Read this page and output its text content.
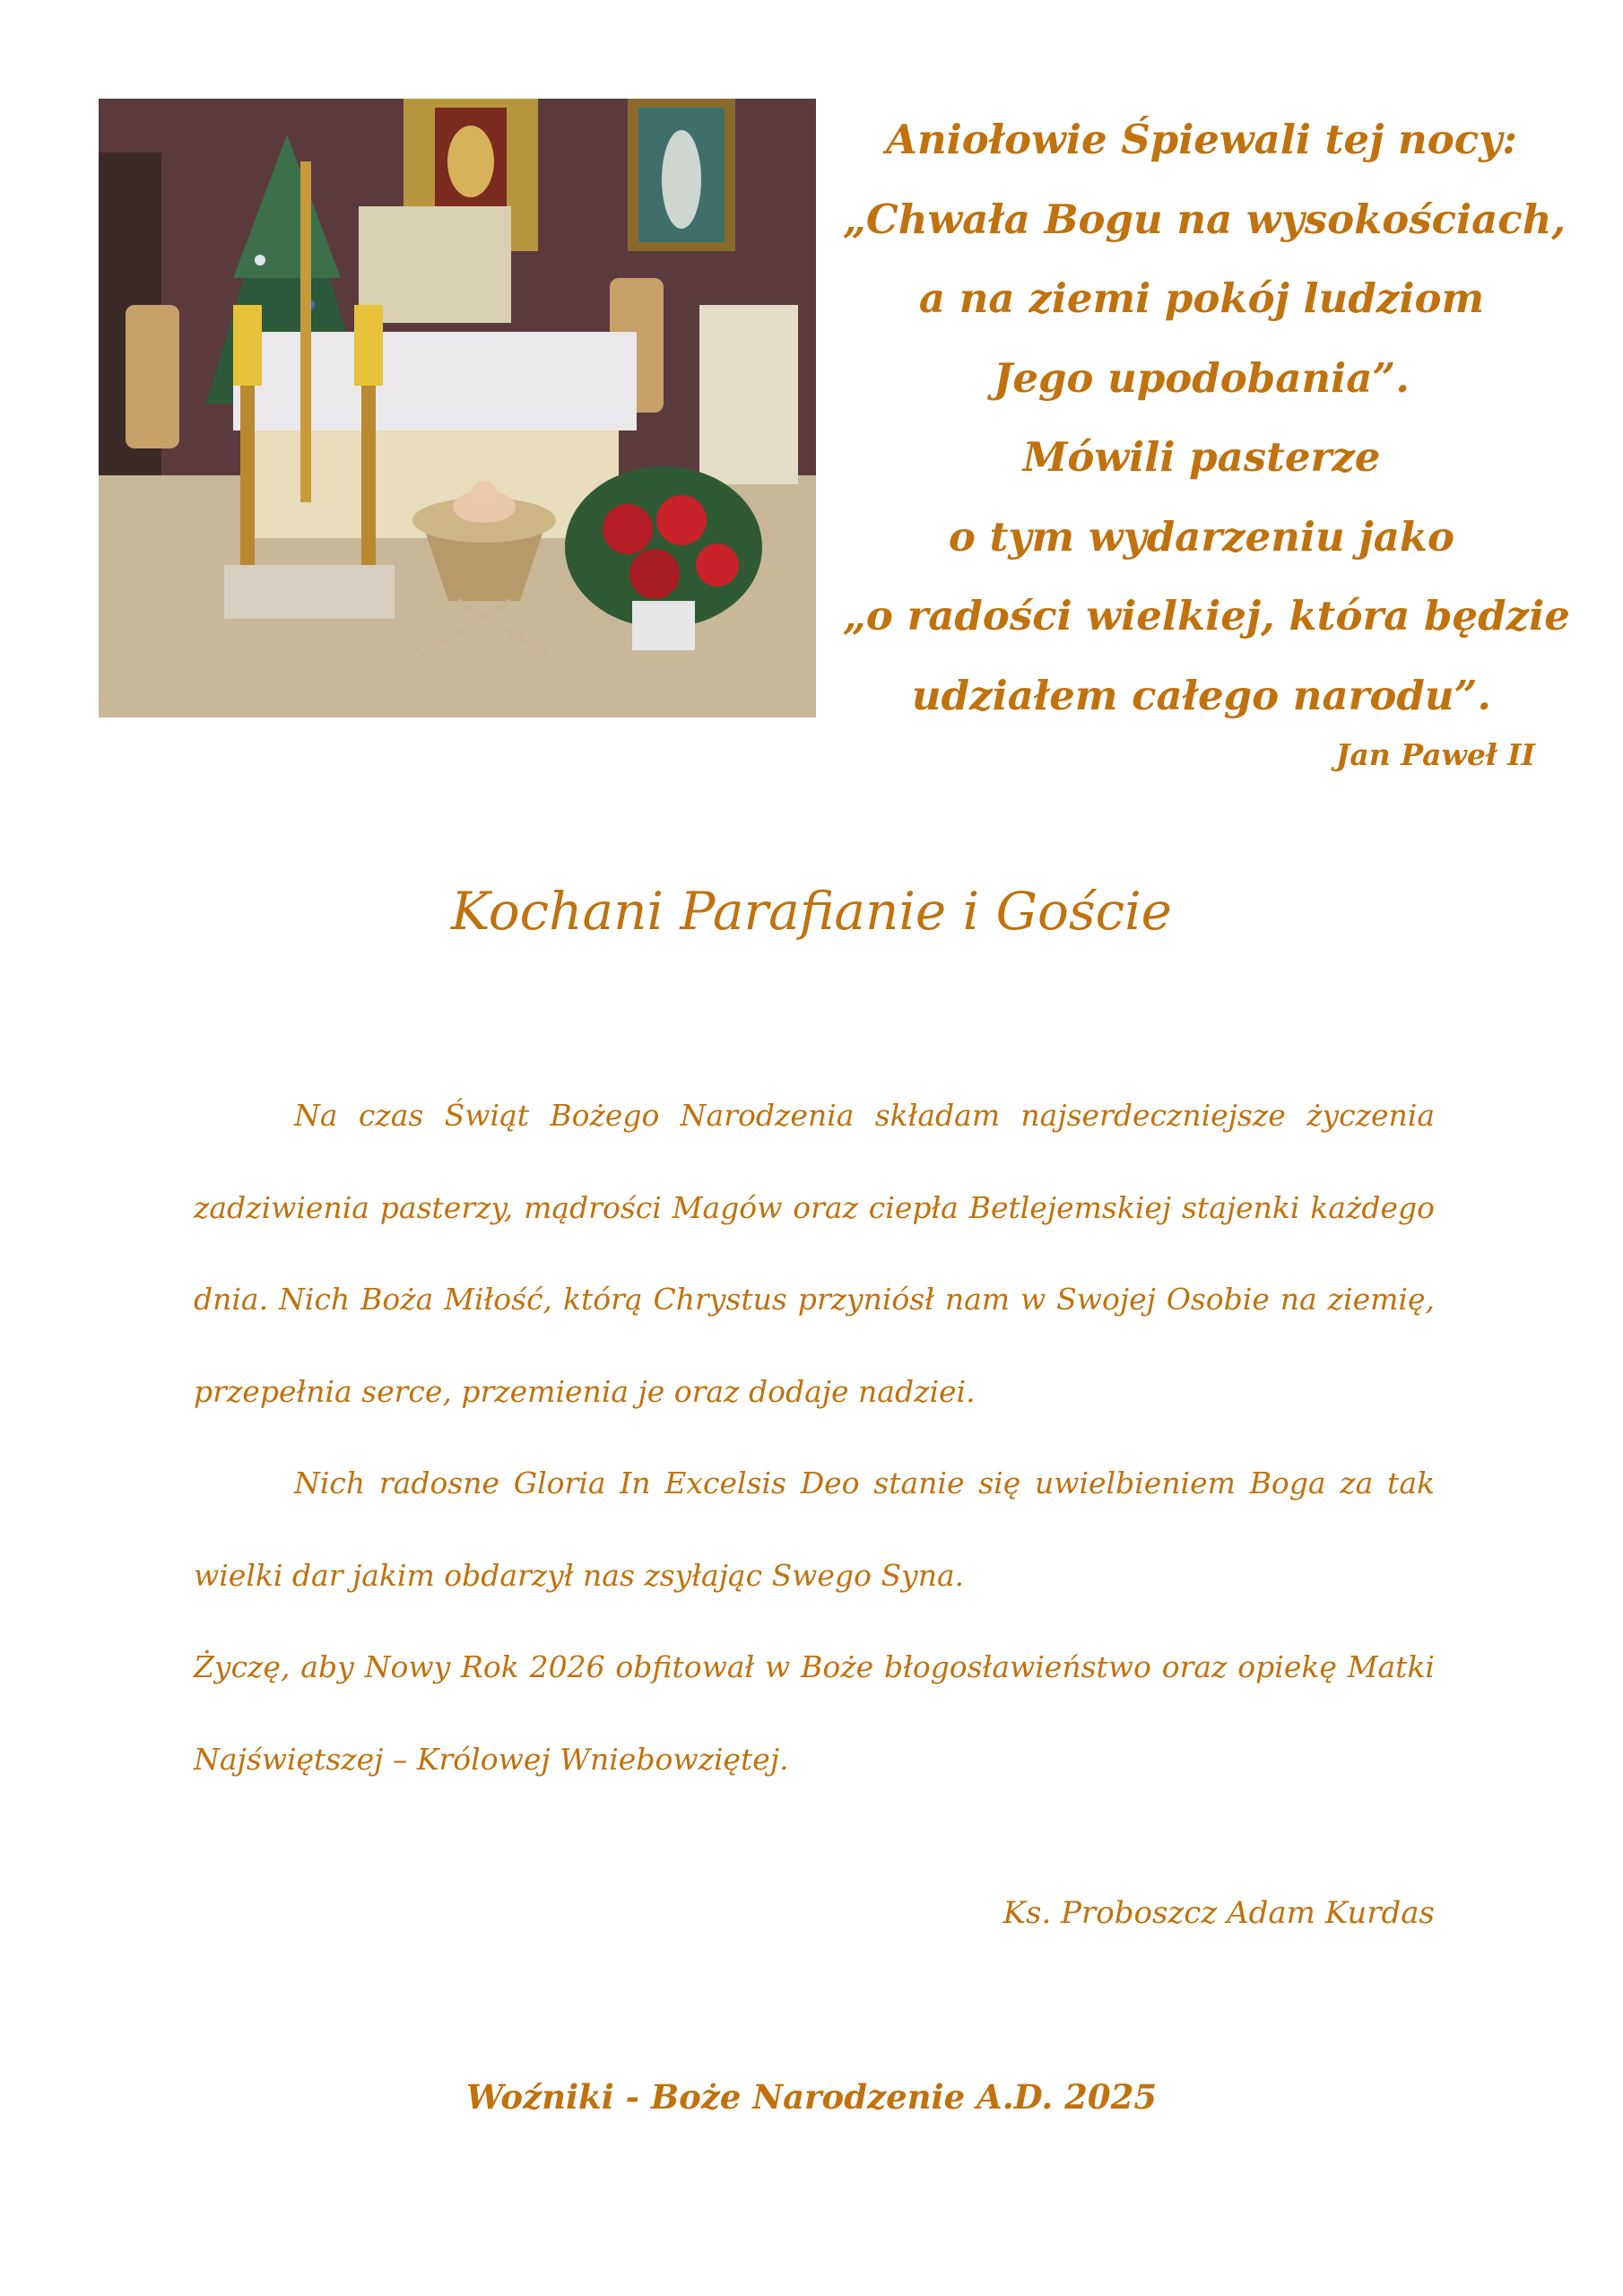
Aniołowie Śpiewali tej nocy:
„Chwała Bogu na wysokościach,
a na ziemi pokój ludziom
Jego upodobania”.
Mówili pasterze
o tym wydarzeniu jako
„o radości wielkiej, która będzie
udziałem całego narodu”.
Jan Paweł II
Kochani Parafianie i Goście

Na czas Świąt Bożego Narodzenia składam najserdeczniejsze życzenia zadziwienia pasterzy, mądrości Magów oraz ciepła Betlejemskiej stajenki każdego dnia. Nich Boża Miłość, którą Chrystus przyniósł nam w Swojej Osobie na ziemię, przepełnia serce, przemienia je oraz dodaje nadziei.

Nich radosne Gloria In Excelsis Deo stanie się uwielbieniem Boga za tak wielki dar jakim obdarzył nas zsyłając Swego Syna.

Życzę, aby Nowy Rok 2026 obfitował w Boże błogosławieństwo oraz opiekę Matki Najświętszej – Królowej Wniebowziętej.

Ks. Proboszcz Adam Kurdas
Woźniki - Boże Narodzenie A.D. 2025
